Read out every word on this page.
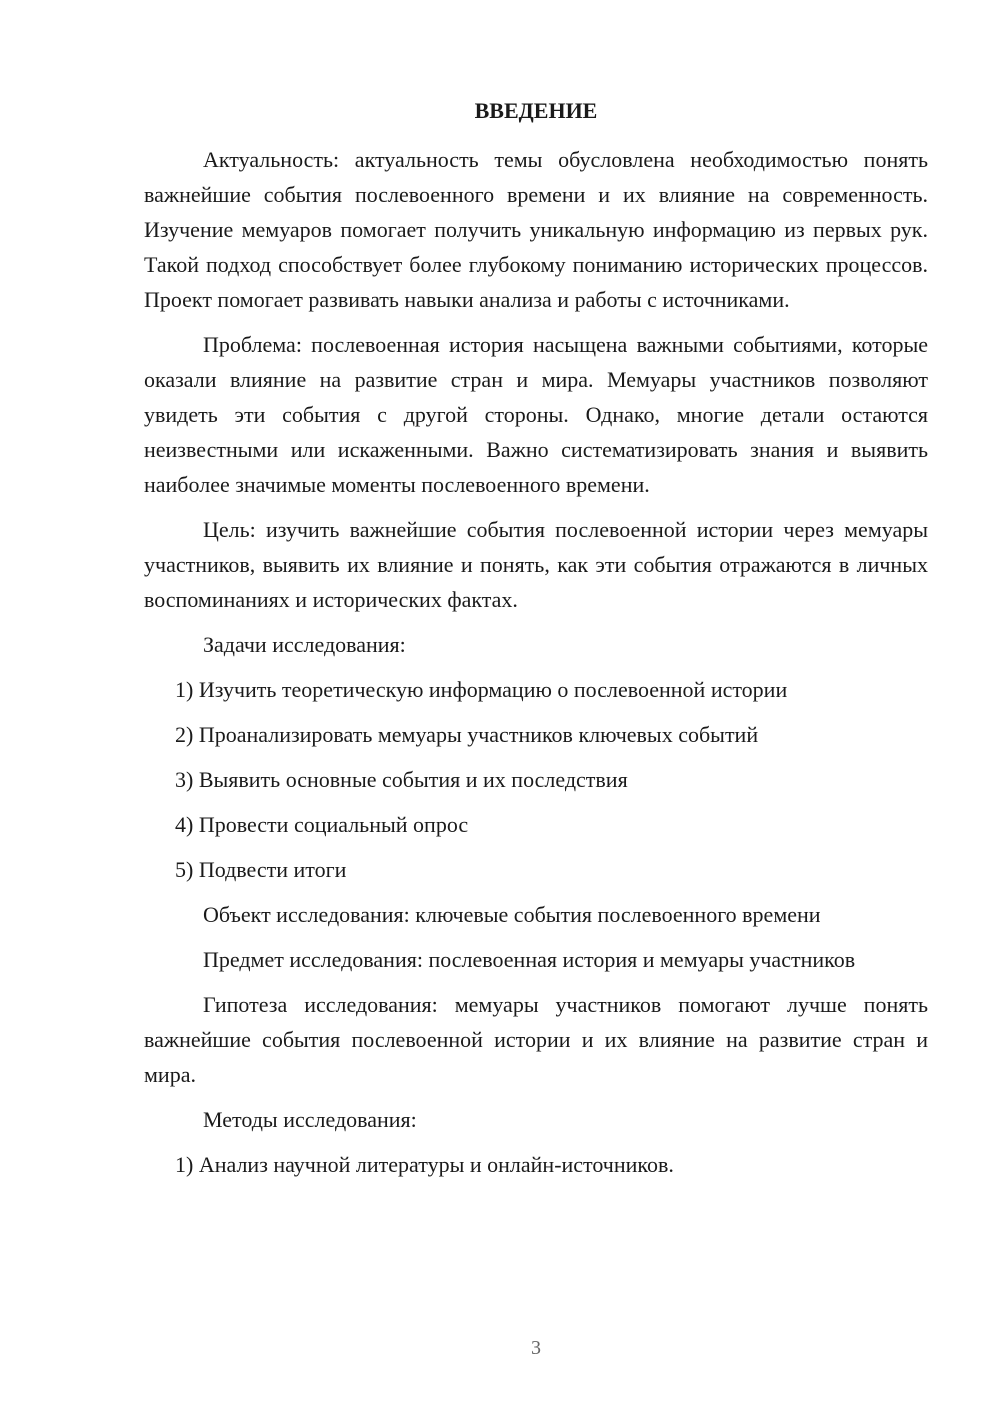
ВВЕДЕНИЕ

Актуальность: актуальность темы обусловлена необходимостью понять важнейшие события послевоенного времени и их влияние на современность. Изучение мемуаров помогает получить уникальную информацию из первых рук. Такой подход способствует более глубокому пониманию исторических процессов. Проект помогает развивать навыки анализа и работы с источниками.

Проблема: послевоенная история насыщена важными событиями, которые оказали влияние на развитие стран и мира. Мемуары участников позволяют увидеть эти события с другой стороны. Однако, многие детали остаются неизвестными или искаженными. Важно систематизировать знания и выявить наиболее значимые моменты послевоенного времени.

Цель: изучить важнейшие события послевоенной истории через мемуары участников, выявить их влияние и понять, как эти события отражаются в личных воспоминаниях и исторических фактах.

Задачи исследования:

1) Изучить теоретическую информацию о послевоенной истории

2) Проанализировать мемуары участников ключевых событий

3) Выявить основные события и их последствия

4) Провести социальный опрос

5) Подвести итоги

Объект исследования: ключевые события послевоенного времени

Предмет исследования: послевоенная история и мемуары участников

Гипотеза исследования: мемуары участников помогают лучше понять важнейшие события послевоенной истории и их влияние на развитие стран и мира.

Методы исследования:

1) Анализ научной литературы и онлайн-источников.

3
